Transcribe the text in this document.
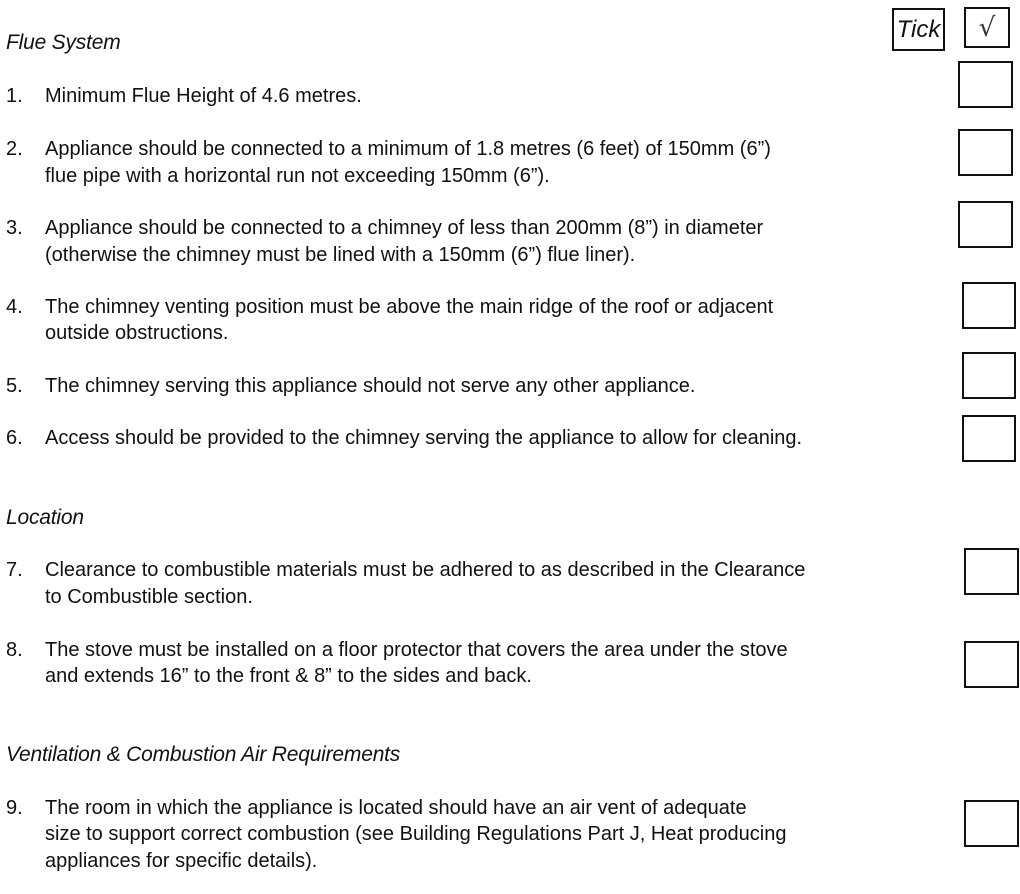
Tick √
Flue System
1. Minimum Flue Height of 4.6 metres.
2. Appliance should be connected to a minimum of 1.8 metres (6 feet) of 150mm (6”)
flue pipe with a horizontal run not exceeding 150mm (6”).
3. Appliance should be connected to a chimney of less than 200mm (8”) in diameter
(otherwise the chimney must be lined with a 150mm (6”) flue liner).
4. The chimney venting position must be above the main ridge of the roof or adjacent
outside obstructions.
5. The chimney serving this appliance should not serve any other appliance.
6. Access should be provided to the chimney serving the appliance to allow for cleaning.
Location
7. Clearance to combustible materials must be adhered to as described in the Clearance
to Combustible section.
8. The stove must be installed on a floor protector that covers the area under the stove
and extends 16” to the front & 8” to the sides and back.
Ventilation & Combustion Air Requirements
9. The room in which the appliance is located should have an air vent of adequate
size to support correct combustion (see Building Regulations Part J, Heat producing
appliances for specific details).
